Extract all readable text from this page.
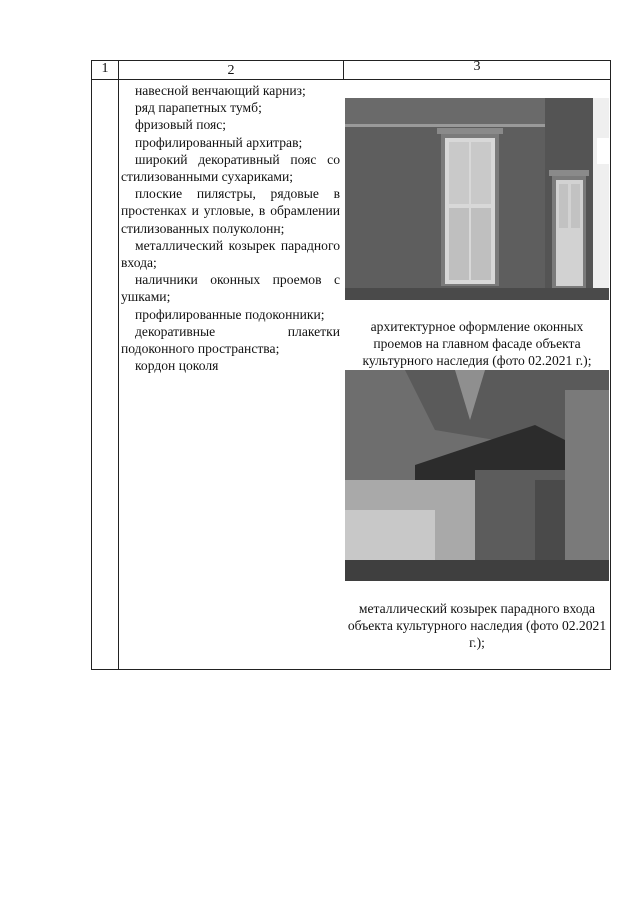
1	2	3

навесной венчающий карниз;

ряд парапетных тумб;

фризовый пояс;

профилированный архитрав;

широкий декоративный пояс со стилизованными сухариками;

плоские пилястры, рядовые в простенках и угловые, в обрамлении стилизованных полуколонн;

металлический козырек парадного входа;

наличники оконных проемов с ушками;

профилированные подоконники;

декоративные плакетки подоконного пространства;

кордон цоколя

архитектурное оформление оконных проемов на главном фасаде объекта культурного наследия (фото 02.2021 г.);
металлический козырек парадного входа объекта культурного наследия (фото 02.2021 г.);
